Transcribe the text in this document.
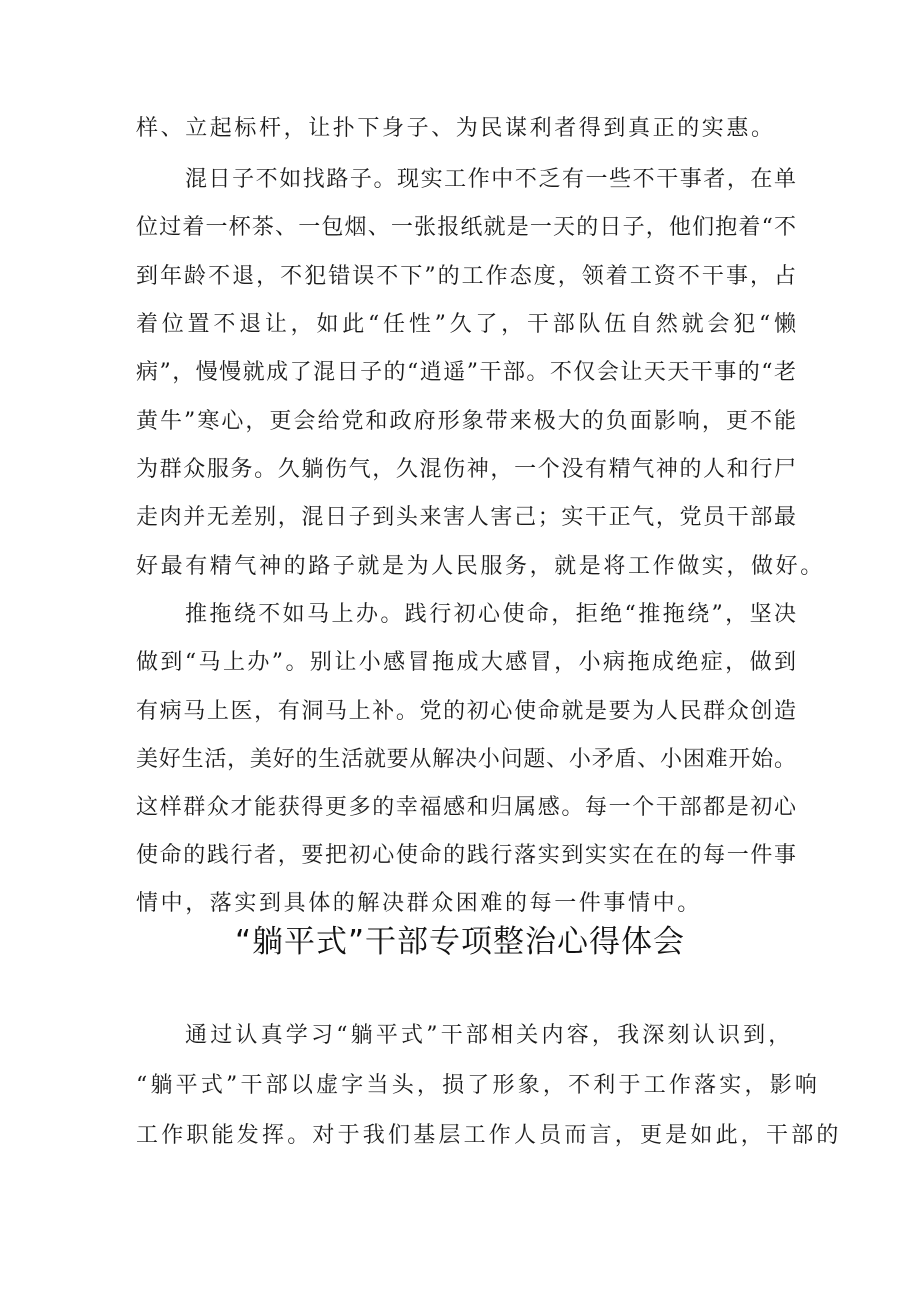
样、立起标杆，让扑下身子、为民谋利者得到真正的实惠。
混日子不如找路子。现实工作中不乏有一些不干事者，在单
位过着一杯茶、一包烟、一张报纸就是一天的日子，他们抱着“不
到年龄不退，不犯错误不下”的工作态度，领着工资不干事，占
着位置不退让，如此“任性”久了，干部队伍自然就会犯“懒
病”，慢慢就成了混日子的“逍遥”干部。不仅会让天天干事的“老
黄牛”寒心，更会给党和政府形象带来极大的负面影响，更不能
为群众服务。久躺伤气，久混伤神，一个没有精气神的人和行尸
走肉并无差别，混日子到头来害人害己；实干正气，党员干部最
好最有精气神的路子就是为人民服务，就是将工作做实，做好。
推拖绕不如马上办。践行初心使命，拒绝“推拖绕”，坚决
做到“马上办”。别让小感冒拖成大感冒，小病拖成绝症，做到
有病马上医，有洞马上补。党的初心使命就是要为人民群众创造
美好生活，美好的生活就要从解决小问题、小矛盾、小困难开始。
这样群众才能获得更多的幸福感和归属感。每一个干部都是初心
使命的践行者，要把初心使命的践行落实到实实在在的每一件事
情中，落实到具体的解决群众困难的每一件事情中。
“躺平式”干部专项整治心得体会
通过认真学习“躺平式”干部相关内容，我深刻认识到，
“躺平式”干部以虚字当头，损了形象，不利于工作落实，影响
工作职能发挥。对于我们基层工作人员而言，更是如此，干部的
